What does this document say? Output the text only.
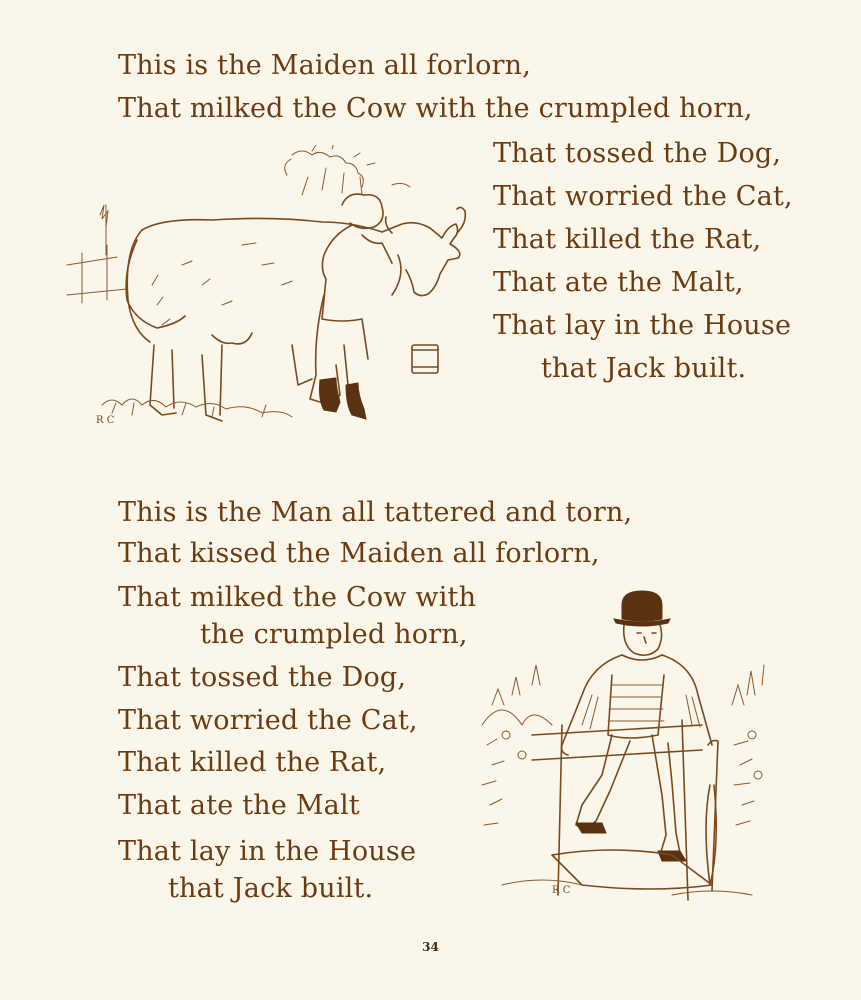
This is the Maiden all forlorn,
That milked the Cow with the crumpled horn,
That tossed the Dog,
That worried the Cat,
That killed the Rat,
That ate the Malt,
That lay in the House
that Jack built.
R C
This is the Man all tattered and torn,
That kissed the Maiden all forlorn,
That milked the Cow with
the crumpled horn,
That tossed the Dog,
That worried the Cat,
That killed the Rat,
That ate the Malt
That lay in the House
that Jack built.	R C
34
